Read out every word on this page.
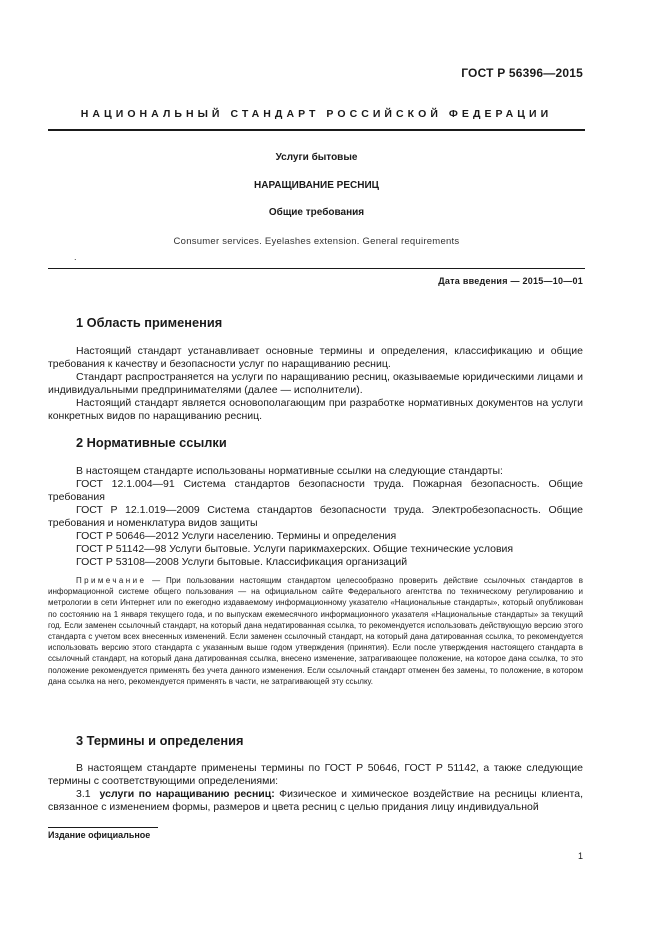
ГОСТ Р 56396—2015
НАЦИОНАЛЬНЫЙ СТАНДАРТ РОССИЙСКОЙ ФЕДЕРАЦИИ
Услуги бытовые
НАРАЩИВАНИЕ РЕСНИЦ
Общие требования
Consumer services. Eyelashes extension. General requirements
.
Дата введения — 2015—10—01
1 Область применения
Настоящий стандарт устанавливает основные термины и определения, классификацию и общие требования к качеству и безопасности услуг по наращиванию ресниц.
Стандарт распространяется на услуги по наращиванию ресниц, оказываемые юридическими лицами и индивидуальными предпринимателями (далее — исполнители).
Настоящий стандарт является основополагающим при разработке нормативных документов на услуги конкретных видов по наращиванию ресниц.
2 Нормативные ссылки
В настоящем стандарте использованы нормативные ссылки на следующие стандарты:
ГОСТ 12.1.004—91 Система стандартов безопасности труда. Пожарная безопасность. Общие требования
ГОСТ Р 12.1.019—2009 Система стандартов безопасности труда. Электробезопасность. Общие требования и номенклатура видов защиты
ГОСТ Р 50646—2012 Услуги населению. Термины и определения
ГОСТ Р 51142—98 Услуги бытовые. Услуги парикмахерских. Общие технические условия
ГОСТ Р 53108—2008 Услуги бытовые. Классификация организаций
Примечание — При пользовании настоящим стандартом целесообразно проверить действие ссылочных стандартов в информационной системе общего пользования — на официальном сайте Федерального агентства по техническому регулированию и метрологии в сети Интернет или по ежегодно издаваемому информационному указателю «Национальные стандарты», который опубликован по состоянию на 1 января текущего года, и по выпускам ежемесячного информационного указателя «Национальные стандарты» за текущий год. Если заменен ссылочный стандарт, на который дана недатированная ссылка, то рекомендуется использовать действующую версию этого стандарта с учетом всех внесенных изменений. Если заменен ссылочный стандарт, на который дана датированная ссылка, то рекомендуется использовать версию этого стандарта с указанным выше годом утверждения (принятия). Если после утверждения настоящего стандарта в ссылочный стандарт, на который дана датированная ссылка, внесено изменение, затрагивающее положение, на которое дана ссылка, то это положение рекомендуется применять без учета данного изменения. Если ссылочный стандарт отменен без замены, то положение, в котором дана ссылка на него, рекомендуется применять в части, не затрагивающей эту ссылку.
3 Термины и определения
В настоящем стандарте применены термины по ГОСТ Р 50646, ГОСТ Р 51142, а также следующие термины с соответствующими определениями:
3.1 услуги по наращиванию ресниц: Физическое и химическое воздействие на ресницы клиента, связанное с изменением формы, размеров и цвета ресниц с целью придания лицу индивидуальной
Издание официальное
1
